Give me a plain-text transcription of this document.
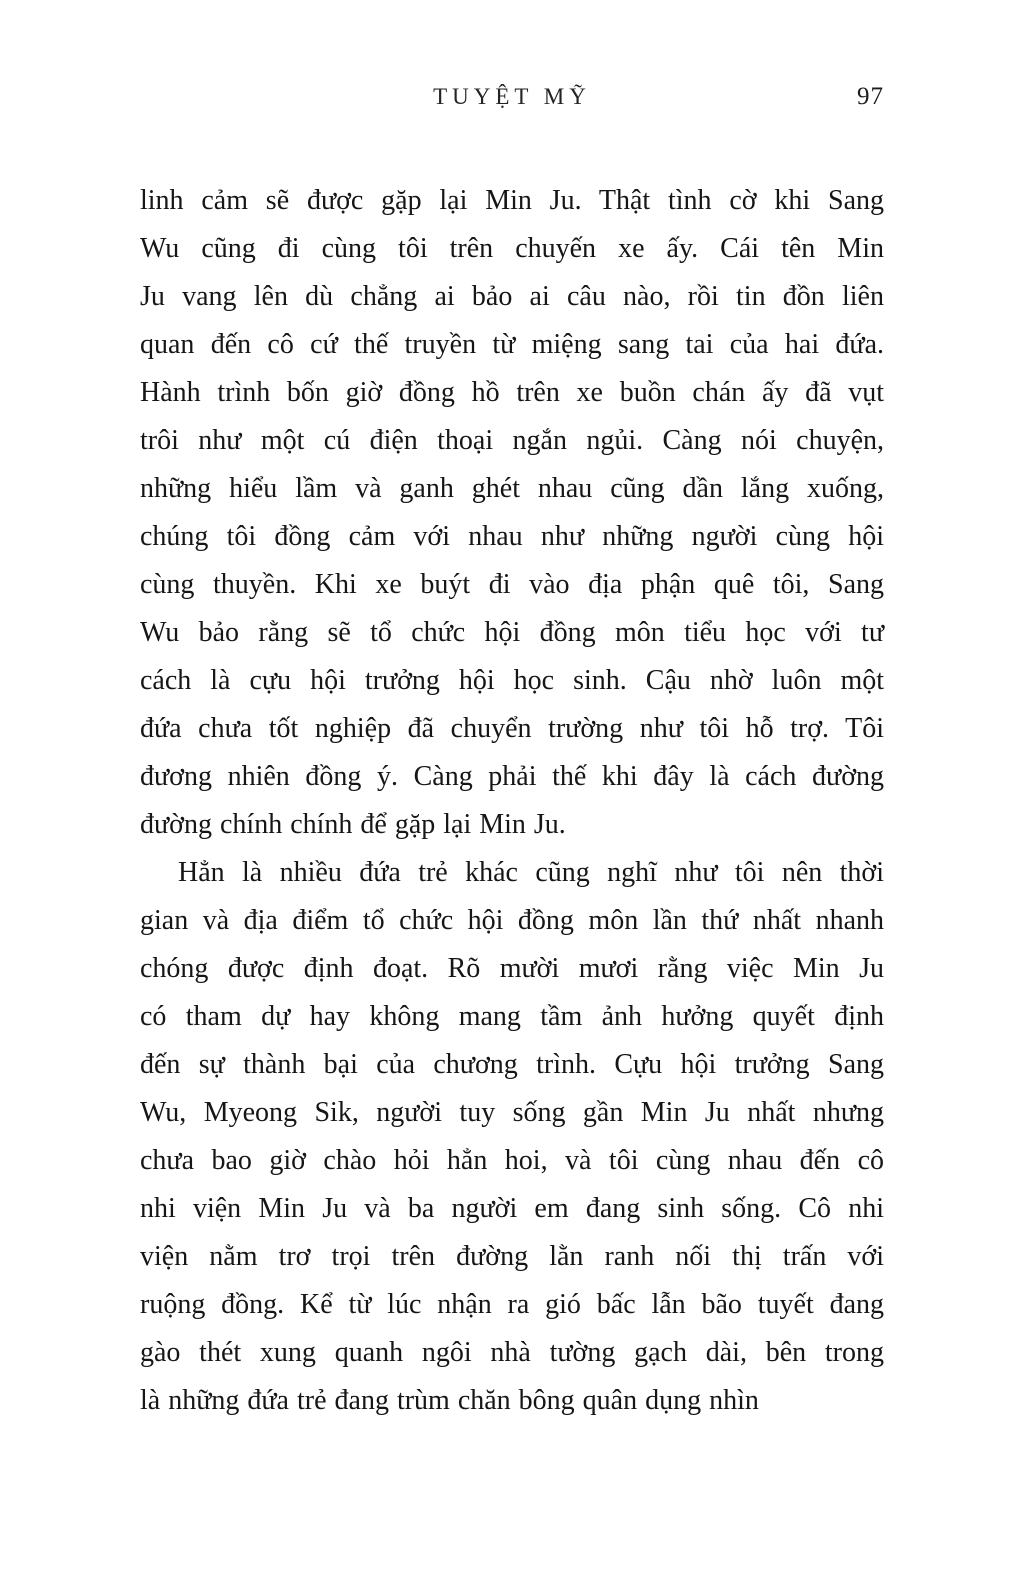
TUYỆT MỸ	97
linh cảm sẽ được gặp lại Min Ju. Thật tình cờ khi Sang
Wu cũng đi cùng tôi trên chuyến xe ấy. Cái tên Min
Ju vang lên dù chẳng ai bảo ai câu nào, rồi tin đồn liên
quan đến cô cứ thế truyền từ miệng sang tai của hai đứa.
Hành trình bốn giờ đồng hồ trên xe buồn chán ấy đã vụt
trôi như một cú điện thoại ngắn ngủi. Càng nói chuyện,
những hiểu lầm và ganh ghét nhau cũng dần lắng xuống,
chúng tôi đồng cảm với nhau như những người cùng hội
cùng thuyền. Khi xe buýt đi vào địa phận quê tôi, Sang
Wu bảo rằng sẽ tổ chức hội đồng môn tiểu học với tư
cách là cựu hội trưởng hội học sinh. Cậu nhờ luôn một
đứa chưa tốt nghiệp đã chuyển trường như tôi hỗ trợ. Tôi
đương nhiên đồng ý. Càng phải thế khi đây là cách đường
đường chính chính để gặp lại Min Ju.
Hẳn là nhiều đứa trẻ khác cũng nghĩ như tôi nên thời
gian và địa điểm tổ chức hội đồng môn lần thứ nhất nhanh
chóng được định đoạt. Rõ mười mươi rằng việc Min Ju
có tham dự hay không mang tầm ảnh hưởng quyết định
đến sự thành bại của chương trình. Cựu hội trưởng Sang
Wu, Myeong Sik, người tuy sống gần Min Ju nhất nhưng
chưa bao giờ chào hỏi hẳn hoi, và tôi cùng nhau đến cô
nhi viện Min Ju và ba người em đang sinh sống. Cô nhi
viện nằm trơ trọi trên đường lằn ranh nối thị trấn với
ruộng đồng. Kể từ lúc nhận ra gió bấc lẫn bão tuyết đang
gào thét xung quanh ngôi nhà tường gạch dài, bên trong
là những đứa trẻ đang trùm chăn bông quân dụng nhìn
